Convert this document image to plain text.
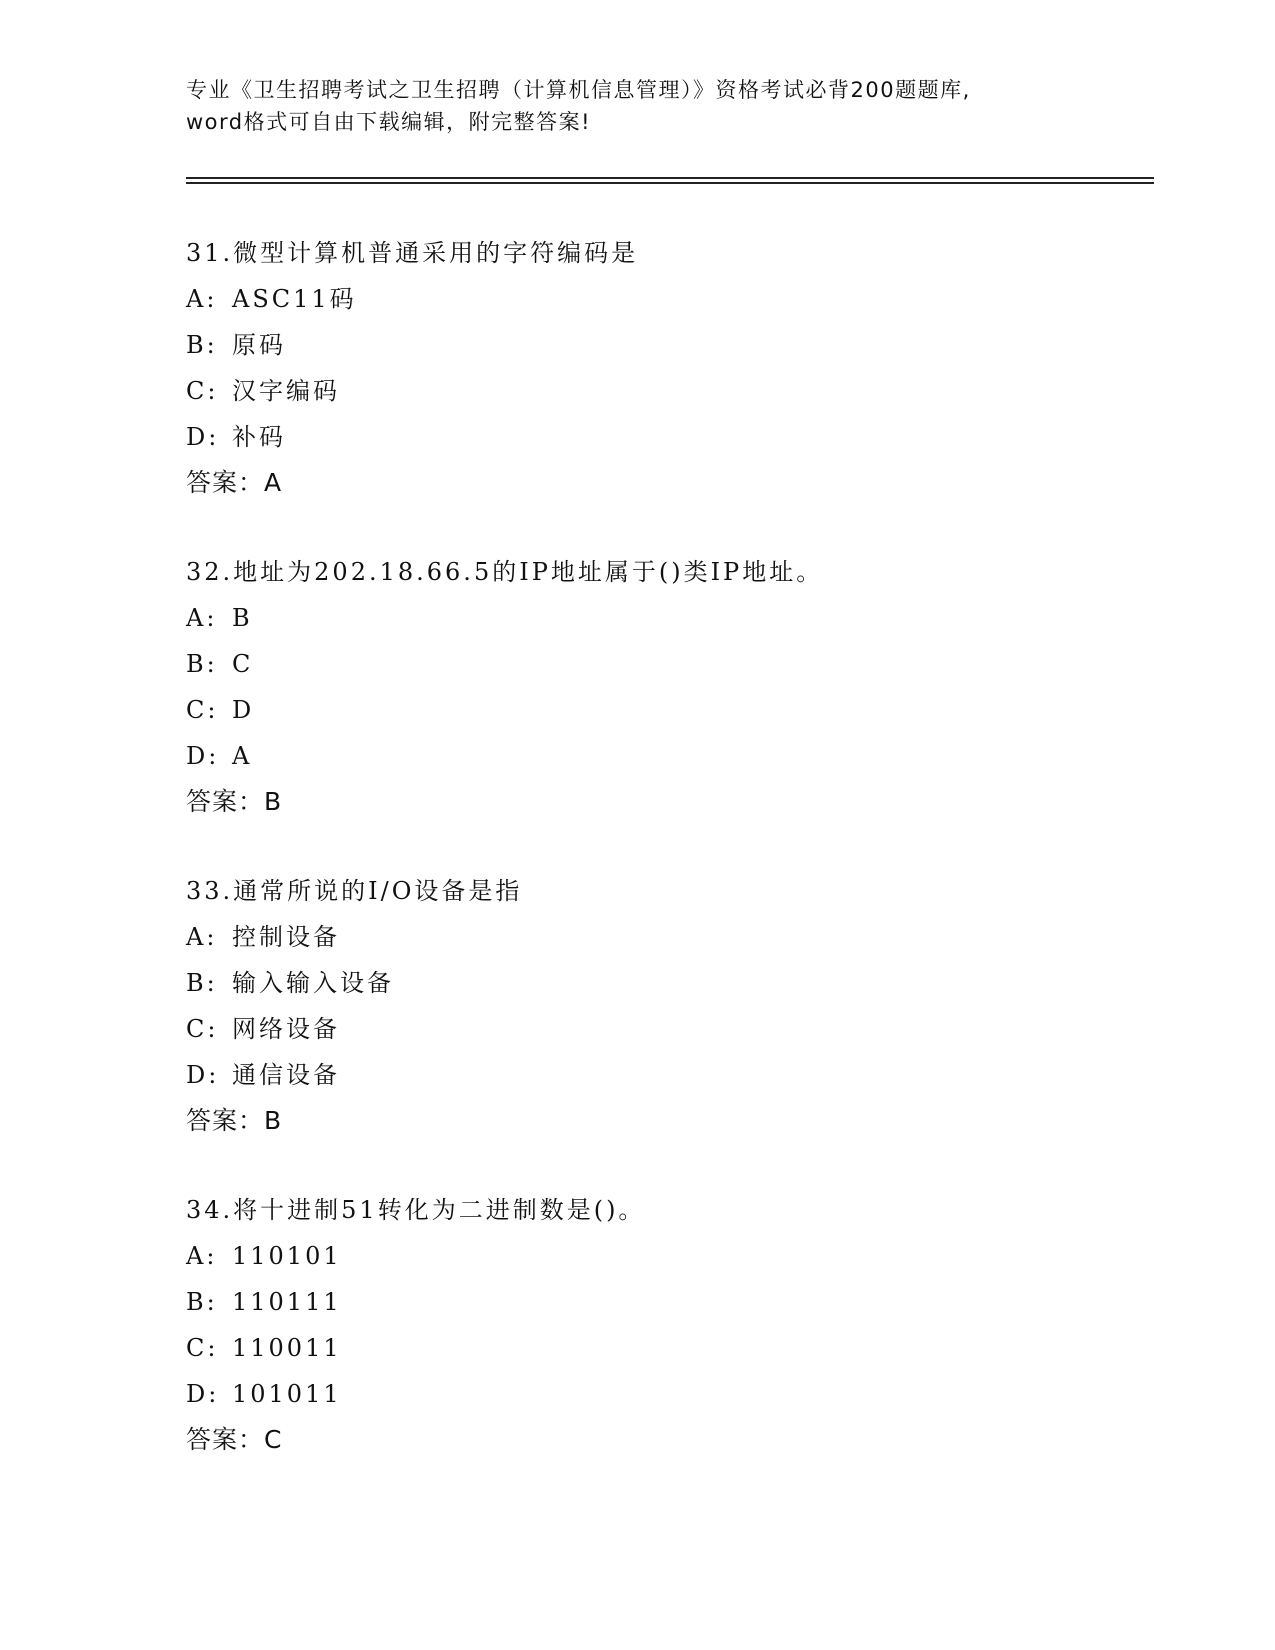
专业《卫生招聘考试之卫生招聘（计算机信息管理）》资格考试必背200题题库,
word格式可自由下载编辑，附完整答案!
31.微型计算机普通采用的字符编码是
A: ASC11码
B: 原码
C: 汉字编码
D: 补码
答案：A
32.地址为202.18.66.5的IP地址属于()类IP地址。
A: B
B: C
C: D
D: A
答案：B
33.通常所说的I/O设备是指
A: 控制设备
B: 输入输入设备
C: 网络设备
D: 通信设备
答案：B
34.将十进制51转化为二进制数是()。
A: 110101
B: 110111
C: 110011
D: 101011
答案：C
